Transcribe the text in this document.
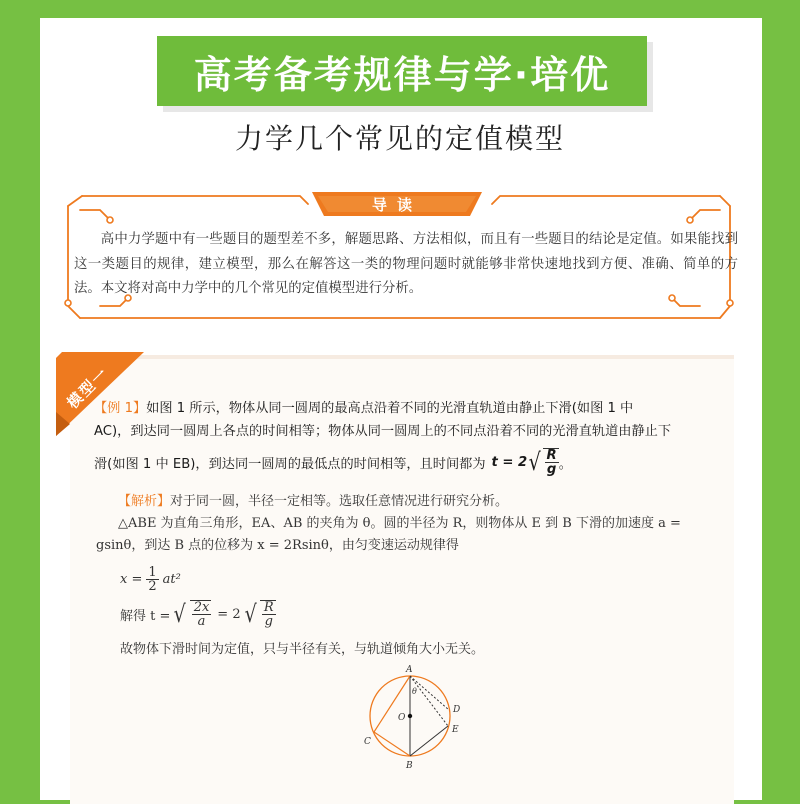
高考备考规律与学·培优
力学几个常见的定值模型
导读
高中力学题中有一些题目的题型差不多，解题思路、方法相似，而且有一些题目的结论是定值。如果能找到这一类题目的规律，建立模型，那么在解答这一类的物理问题时就能够非常快速地找到方便、准确、简单的方法。本文将对高中力学中的几个常见的定值模型进行分析。
模型一
【例 1】如图 1 所示，物体从同一圆周的最高点沿着不同的光滑直轨道由静止下滑(如图 1 中
AC)，到达同一圆周上各点的时间相等；物体从同一圆周上的不同点沿着不同的光滑直轨道由静止下
滑(如图 1 中 EB)，到达同一圆周的最低点的时间相等，且时间都为 t = 2 √ $\frac{R}{g}$ 。
【解析】对于同一圆，半径一定相等。选取任意情况进行研究分析。
△ABE 为直角三角形，EA、AB 的夹角为 θ。圆的半径为 R，则物体从 E 到 B 下滑的加速度 a =
gsinθ，到达 B 点的位移为 x = 2Rsinθ，由匀变速运动规律得
$x = \frac{1}{2} at^2$
解得 t = √ $\frac{2x}{a} = 2$ √ $\frac{R}{g}$
故物体下滑时间为定值，只与半径有关，与轨道倾角大小无关。
A
B
C
D
E
O
θ
